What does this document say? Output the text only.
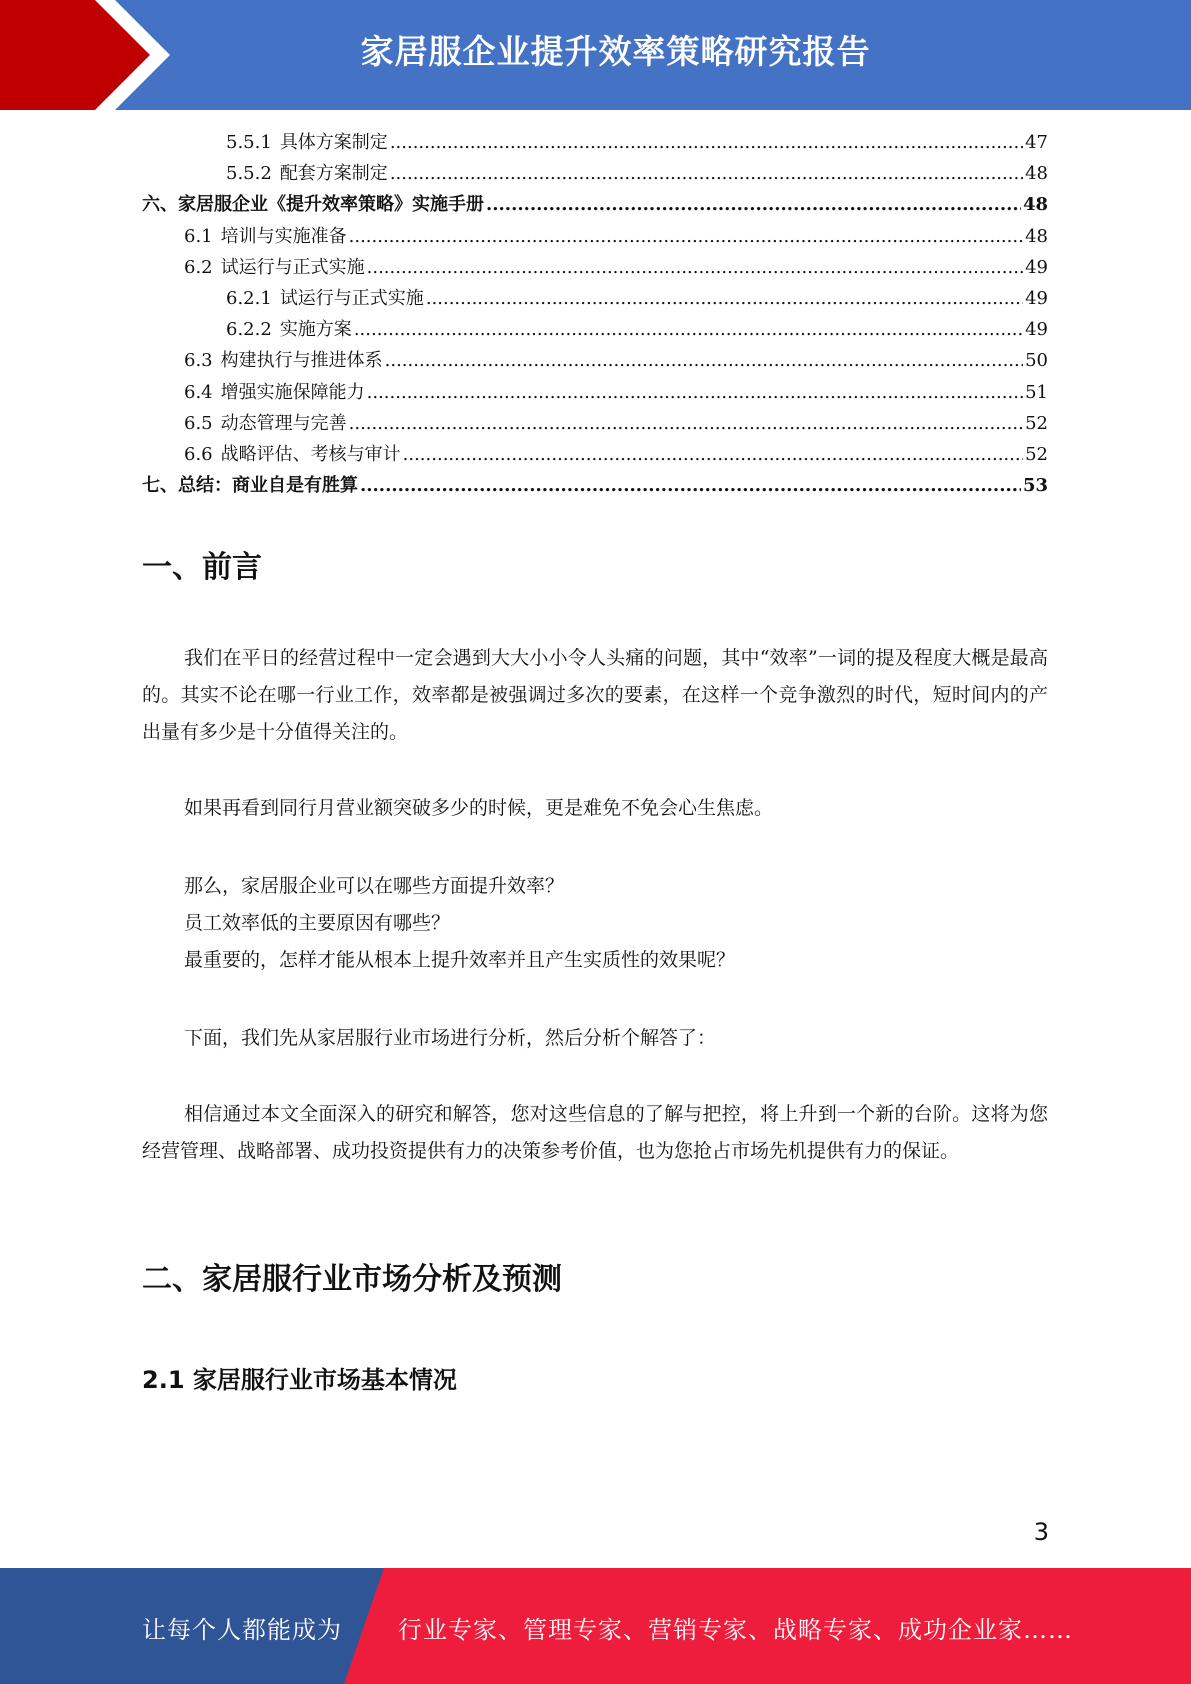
家居服企业提升效率策略研究报告
5.5.1 具体方案制定 .....	47
5.5.2 配套方案制定 .....	48
六、家居服企业《提升效率策略》实施手册 .....	48
6.1 培训与实施准备 .....	48
6.2 试运行与正式实施 .....	49
6.2.1 试运行与正式实施 .....	49
6.2.2 实施方案 .....	49
6.3 构建执行与推进体系 .....	50
6.4 增强实施保障能力 .....	51
6.5 动态管理与完善 .....	52
6.6 战略评估、考核与审计 .....	52
七、总结：商业自是有胜算 .....	53
一、前言
我们在平日的经营过程中一定会遇到大大小小令人头痛的问题，其中“效率”一词的提及程度大概是最高的。其实不论在哪一行业工作，效率都是被强调过多次的要素，在这样一个竞争激烈的时代，短时间内的产出量有多少是十分值得关注的。
如果再看到同行月营业额突破多少的时候，更是难免不免会心生焦虑。
那么，家居服企业可以在哪些方面提升效率？
员工效率低的主要原因有哪些？
最重要的，怎样才能从根本上提升效率并且产生实质性的效果呢？
下面，我们先从家居服行业市场进行分析，然后分析个解答了：
相信通过本文全面深入的研究和解答，您对这些信息的了解与把控，将上升到一个新的台阶。这将为您经营管理、战略部署、成功投资提供有力的决策参考价值，也为您抢占市场先机提供有力的保证。
二、家居服行业市场分析及预测
2.1 家居服行业市场基本情况
3
让每个人都能成为 行业专家、管理专家、营销专家、战略专家、成功企业家……
